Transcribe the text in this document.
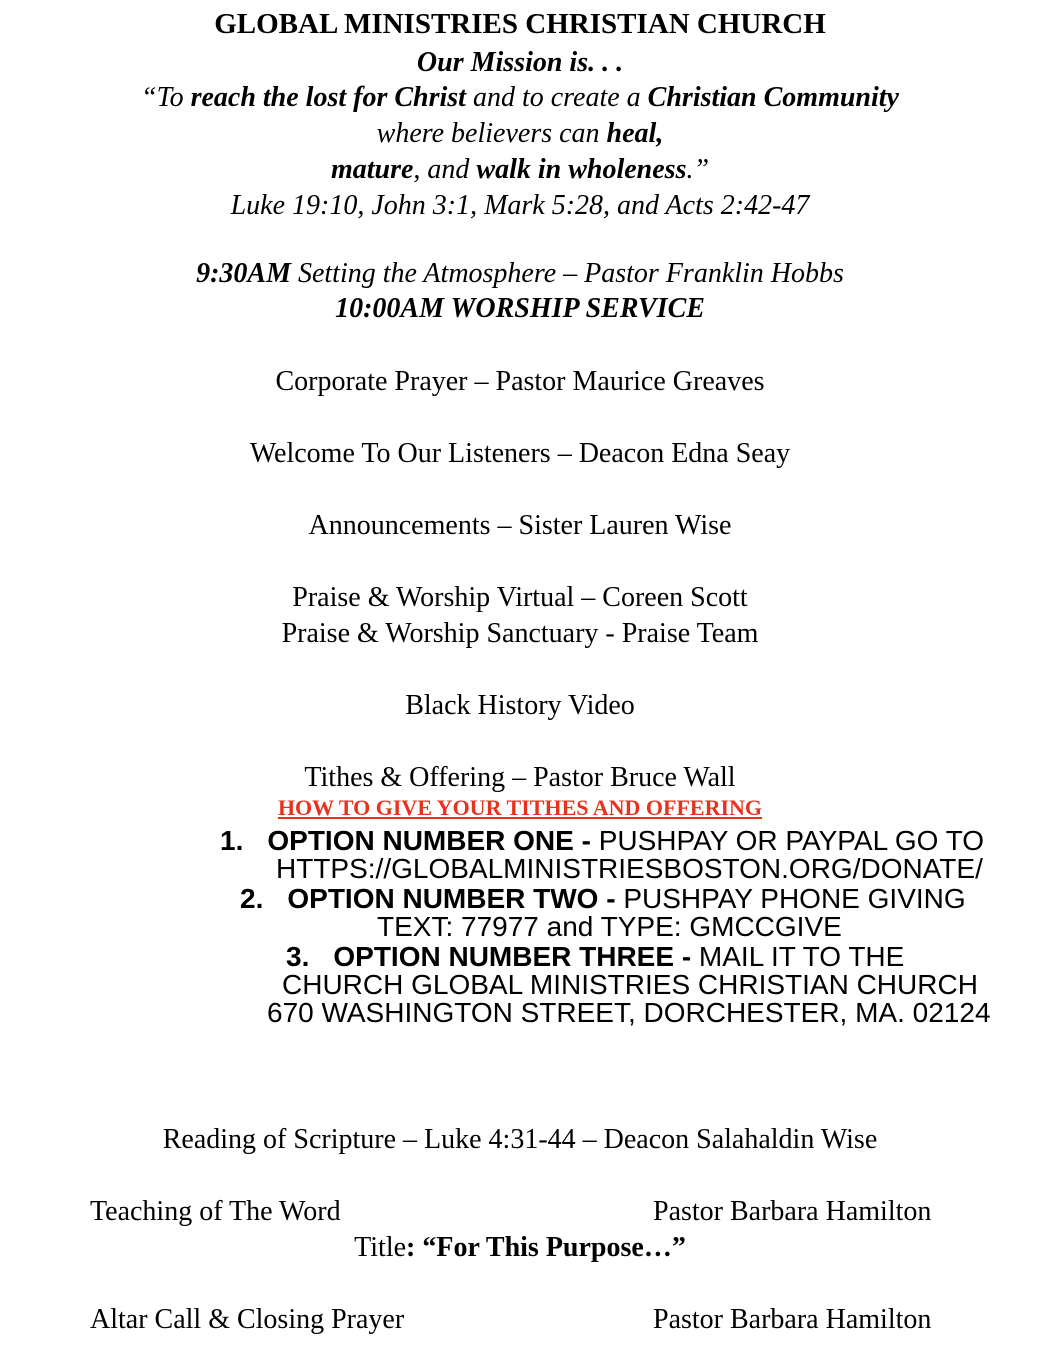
GLOBAL MINISTRIES CHRISTIAN CHURCH
Our Mission is. . .
“To reach the lost for Christ and to create a Christian Community
where believers can heal,
mature, and walk in wholeness.”
Luke 19:10, John 3:1, Mark 5:28, and Acts 2:42-47
9:30AM Setting the Atmosphere – Pastor Franklin Hobbs
10:00AM WORSHIP SERVICE
Corporate Prayer – Pastor Maurice Greaves
Welcome To Our Listeners – Deacon Edna Seay
Announcements – Sister Lauren Wise
Praise & Worship Virtual – Coreen Scott
Praise & Worship Sanctuary - Praise Team
Black History Video
Tithes & Offering – Pastor Bruce Wall
HOW TO GIVE YOUR TITHES AND OFFERING
1. OPTION NUMBER ONE - PUSHPAY OR PAYPAL GO TO
HTTPS://GLOBALMINISTRIESBOSTON.ORG/DONATE/
2. OPTION NUMBER TWO - PUSHPAY PHONE GIVING
TEXT: 77977 and TYPE: GMCCGIVE
3. OPTION NUMBER THREE - MAIL IT TO THE
CHURCH GLOBAL MINISTRIES CHRISTIAN CHURCH
670 WASHINGTON STREET, DORCHESTER, MA. 02124
Reading of Scripture – Luke 4:31-44 – Deacon Salahaldin Wise
Teaching of The Word	Pastor Barbara Hamilton
Title: “For This Purpose…”
Altar Call & Closing Prayer	Pastor Barbara Hamilton
